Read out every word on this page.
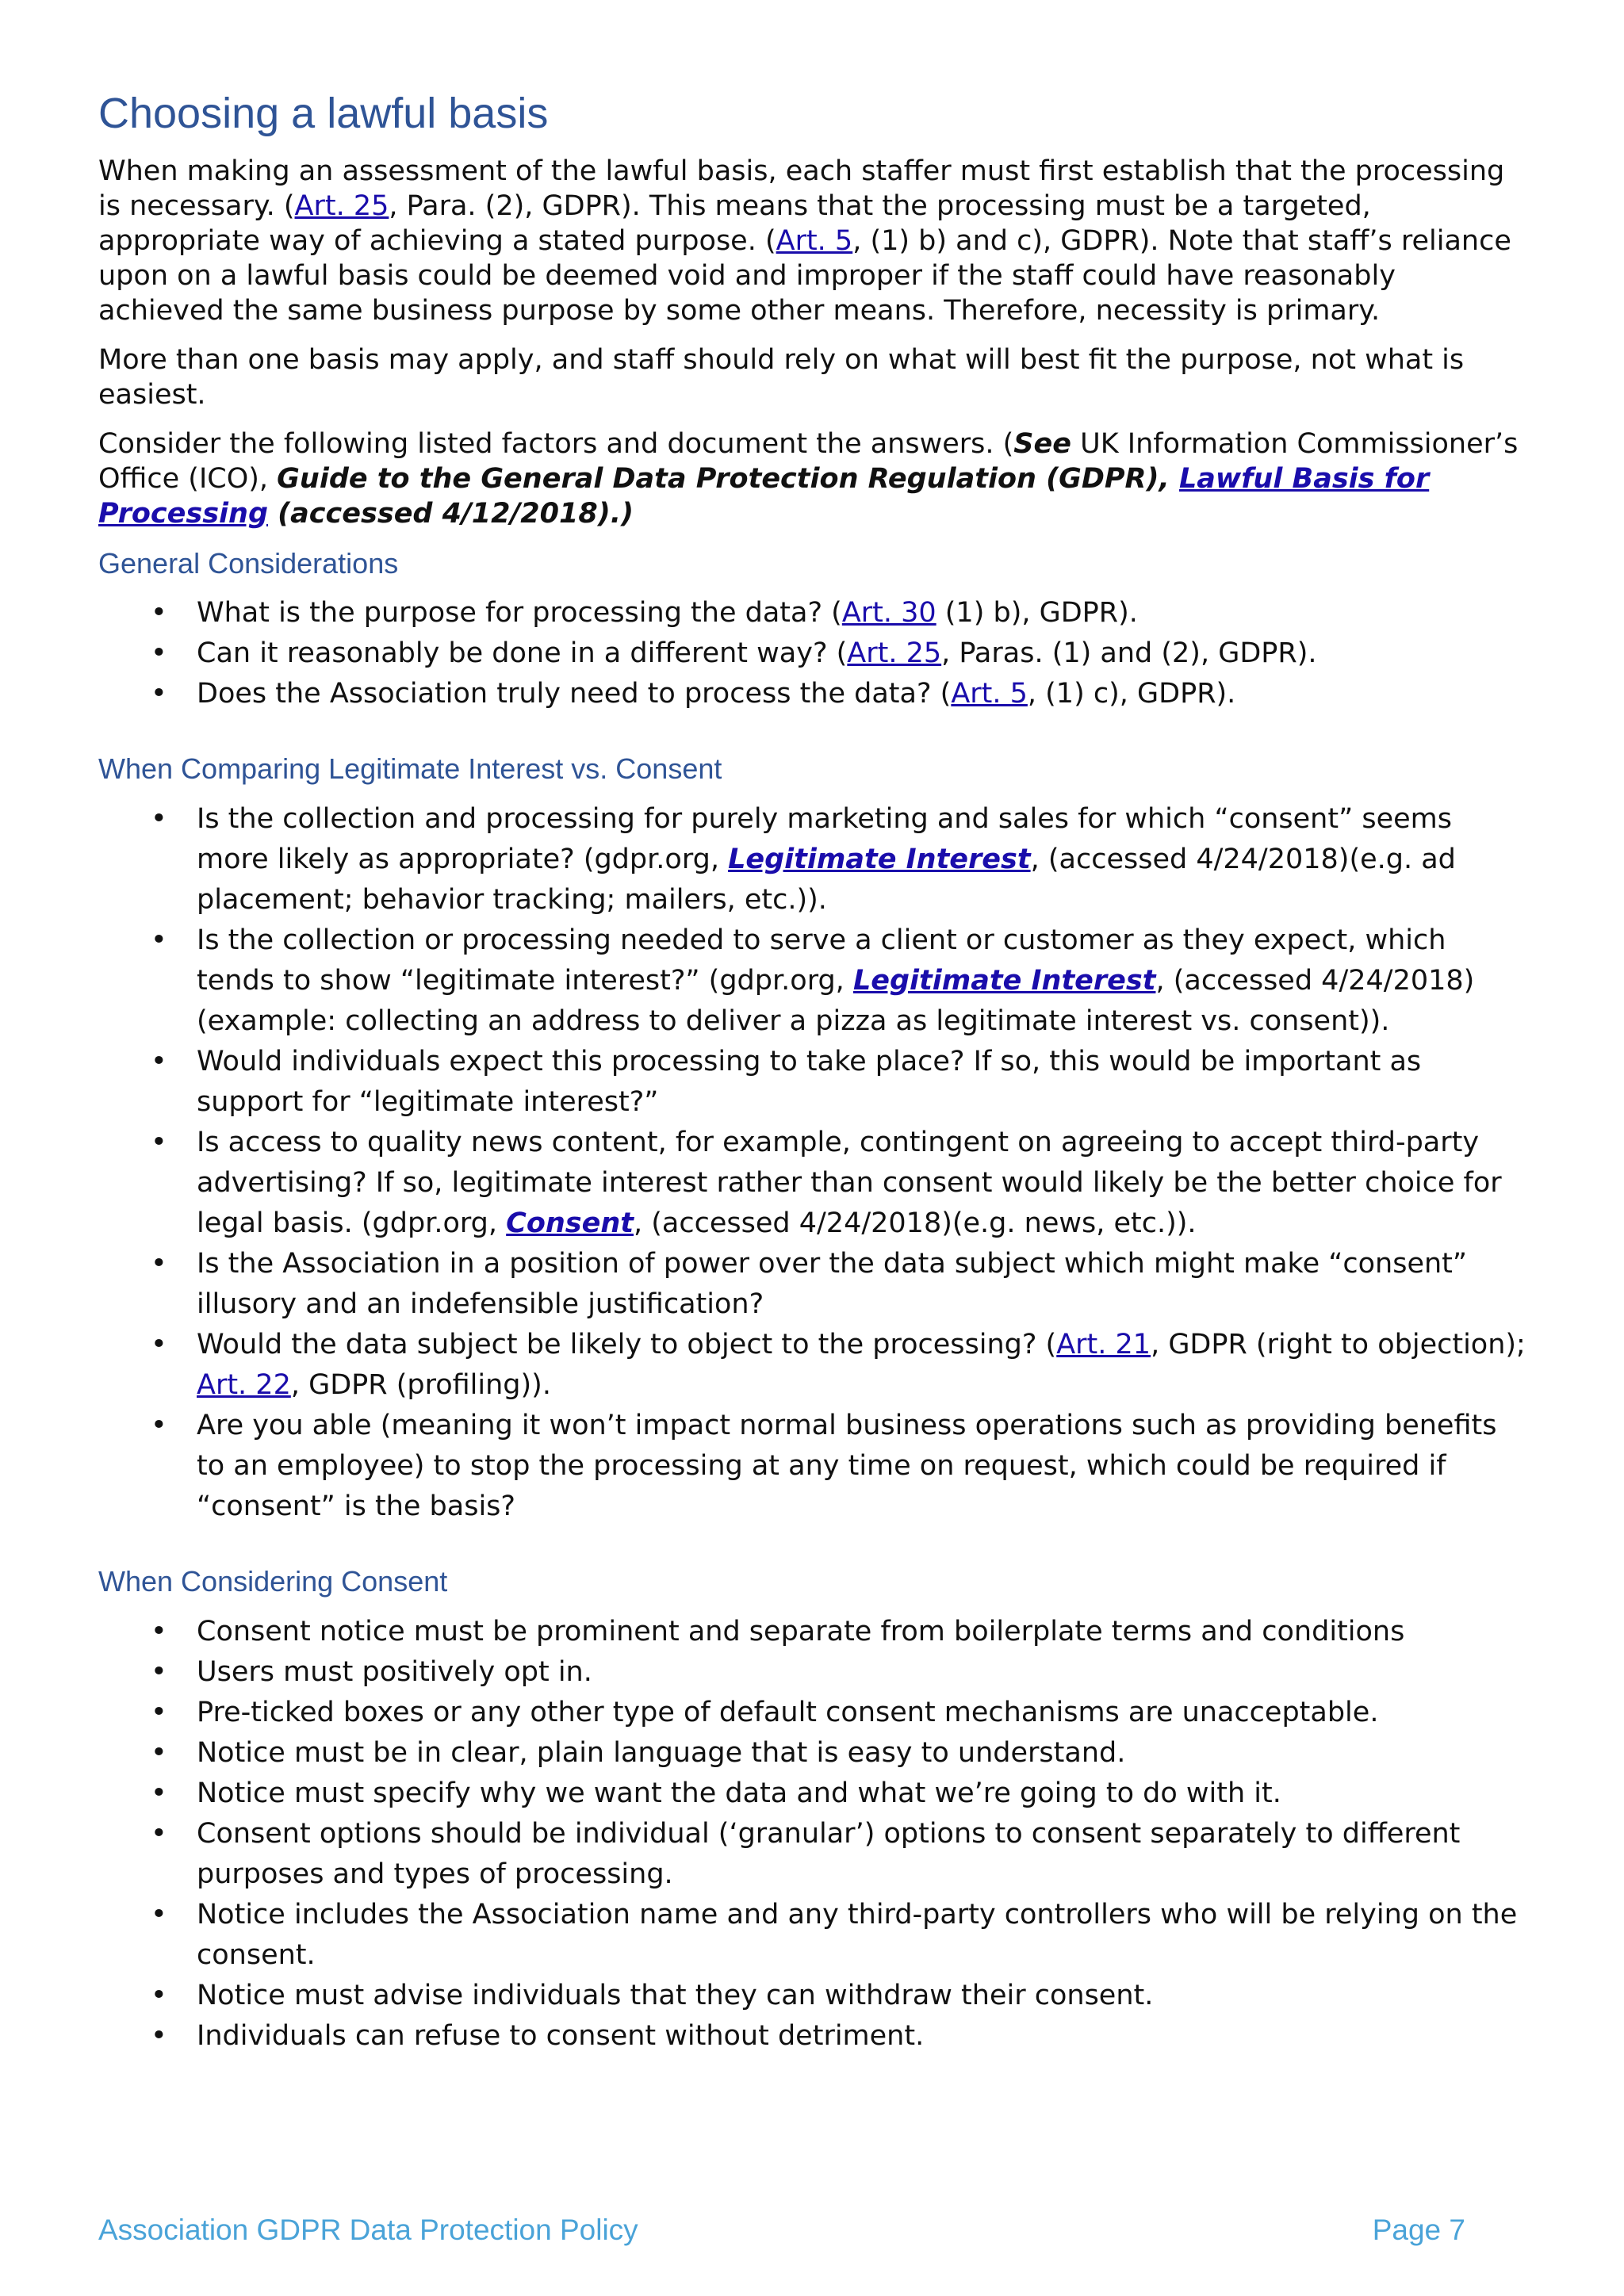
Choosing a lawful basis

When making an assessment of the lawful basis, each staffer must first establish that the processing is necessary. (Art. 25, Para. (2), GDPR). This means that the processing must be a targeted, appropriate way of achieving a stated purpose. (Art. 5, (1) b) and c), GDPR). Note that staff’s reliance upon on a lawful basis could be deemed void and improper if the staff could have reasonably achieved the same business purpose by some other means. Therefore, necessity is primary.

More than one basis may apply, and staff should rely on what will best fit the purpose, not what is easiest.

Consider the following listed factors and document the answers. (See UK Information Commissioner’s Office (ICO), Guide to the General Data Protection Regulation (GDPR), Lawful Basis for Processing (accessed 4/12/2018).)

General Considerations
• What is the purpose for processing the data? (Art. 30 (1) b), GDPR).
• Can it reasonably be done in a different way? (Art. 25, Paras. (1) and (2), GDPR).
• Does the Association truly need to process the data? (Art. 5, (1) c), GDPR).
When Comparing Legitimate Interest vs. Consent
• Is the collection and processing for purely marketing and sales for which “consent” seems more likely as appropriate? (gdpr.org, Legitimate Interest, (accessed 4/24/2018)(e.g. ad placement; behavior tracking; mailers, etc.)).
• Is the collection or processing needed to serve a client or customer as they expect, which tends to show “legitimate interest?” (gdpr.org, Legitimate Interest, (accessed 4/24/2018)(example: collecting an address to deliver a pizza as legitimate interest vs. consent)).
• Would individuals expect this processing to take place? If so, this would be important as support for “legitimate interest?”
• Is access to quality news content, for example, contingent on agreeing to accept third-party advertising? If so, legitimate interest rather than consent would likely be the better choice for legal basis. (gdpr.org, Consent, (accessed 4/24/2018)(e.g. news, etc.)).
• Is the Association in a position of power over the data subject which might make “consent” illusory and an indefensible justification?
• Would the data subject be likely to object to the processing? (Art. 21, GDPR (right to objection); Art. 22, GDPR (profiling)).
• Are you able (meaning it won’t impact normal business operations such as providing benefits to an employee) to stop the processing at any time on request, which could be required if “consent” is the basis?
When Considering Consent
• Consent notice must be prominent and separate from boilerplate terms and conditions
• Users must positively opt in.
• Pre-ticked boxes or any other type of default consent mechanisms are unacceptable.
• Notice must be in clear, plain language that is easy to understand.
• Notice must specify why we want the data and what we’re going to do with it.
• Consent options should be individual (‘granular’) options to consent separately to different purposes and types of processing.
• Notice includes the Association name and any third-party controllers who will be relying on the consent.
• Notice must advise individuals that they can withdraw their consent.
• Individuals can refuse to consent without detriment.
Association GDPR Data Protection Policy	Page 7
